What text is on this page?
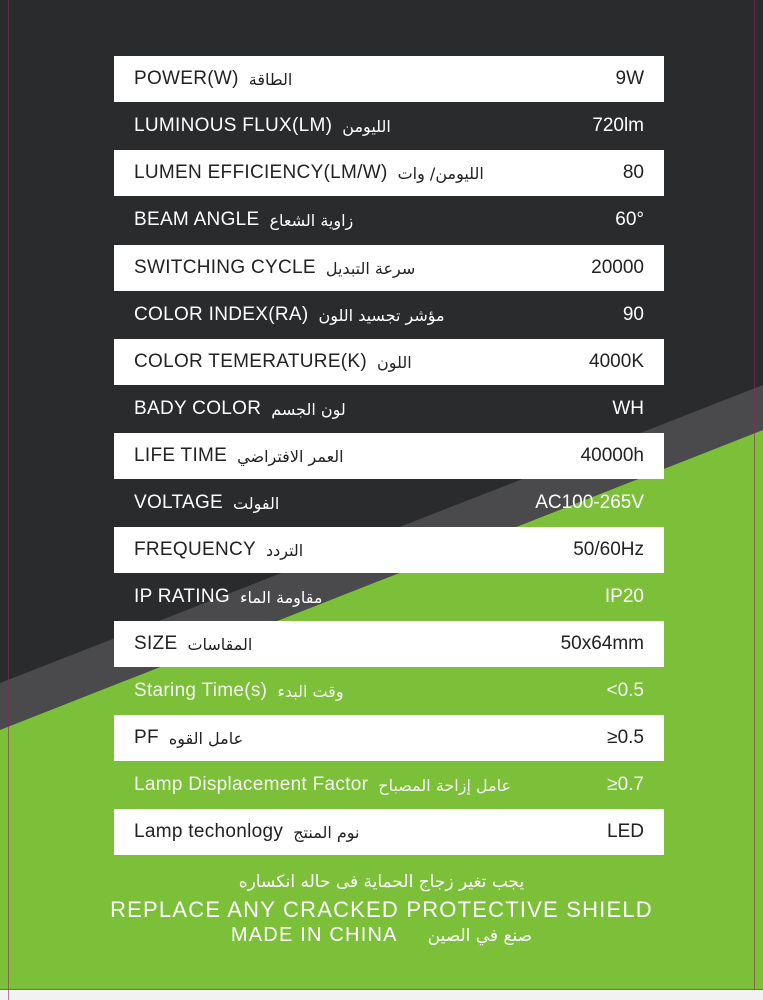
POWER(W) الطاقة	9W
LUMINOUS FLUX(LM) الليومن	720lm
LUMEN EFFICIENCY(LM/W) الليومن/ وات	80
BEAM ANGLE زاوية الشعاع	60°
SWITCHING CYCLE سرعة التبديل	20000
COLOR INDEX(RA) مؤشر تجسيد اللون	90
COLOR TEMERATURE(K) اللون	4000K
BADY COLOR لون الجسم	WH
LIFE TIME العمر الافتراضي	40000h
VOLTAGE الفولت	AC100-265V
FREQUENCY التردد	50/60Hz
IP RATING مقاومة الماء	IP20
SIZE المقاسات	50x64mm
Staring Time(s) وقت البدء	<0.5
PF عامل القوه	≥0.5
Lamp Displacement Factor عامل إزاحة المصباح	≥0.7
Lamp techonlogy نوم المنتج	LED
يجب تغير زجاج الحماية فى حاله انكساره
REPLACE ANY CRACKED PROTECTIVE SHIELD
MADE IN CHINA صنع في الصين
